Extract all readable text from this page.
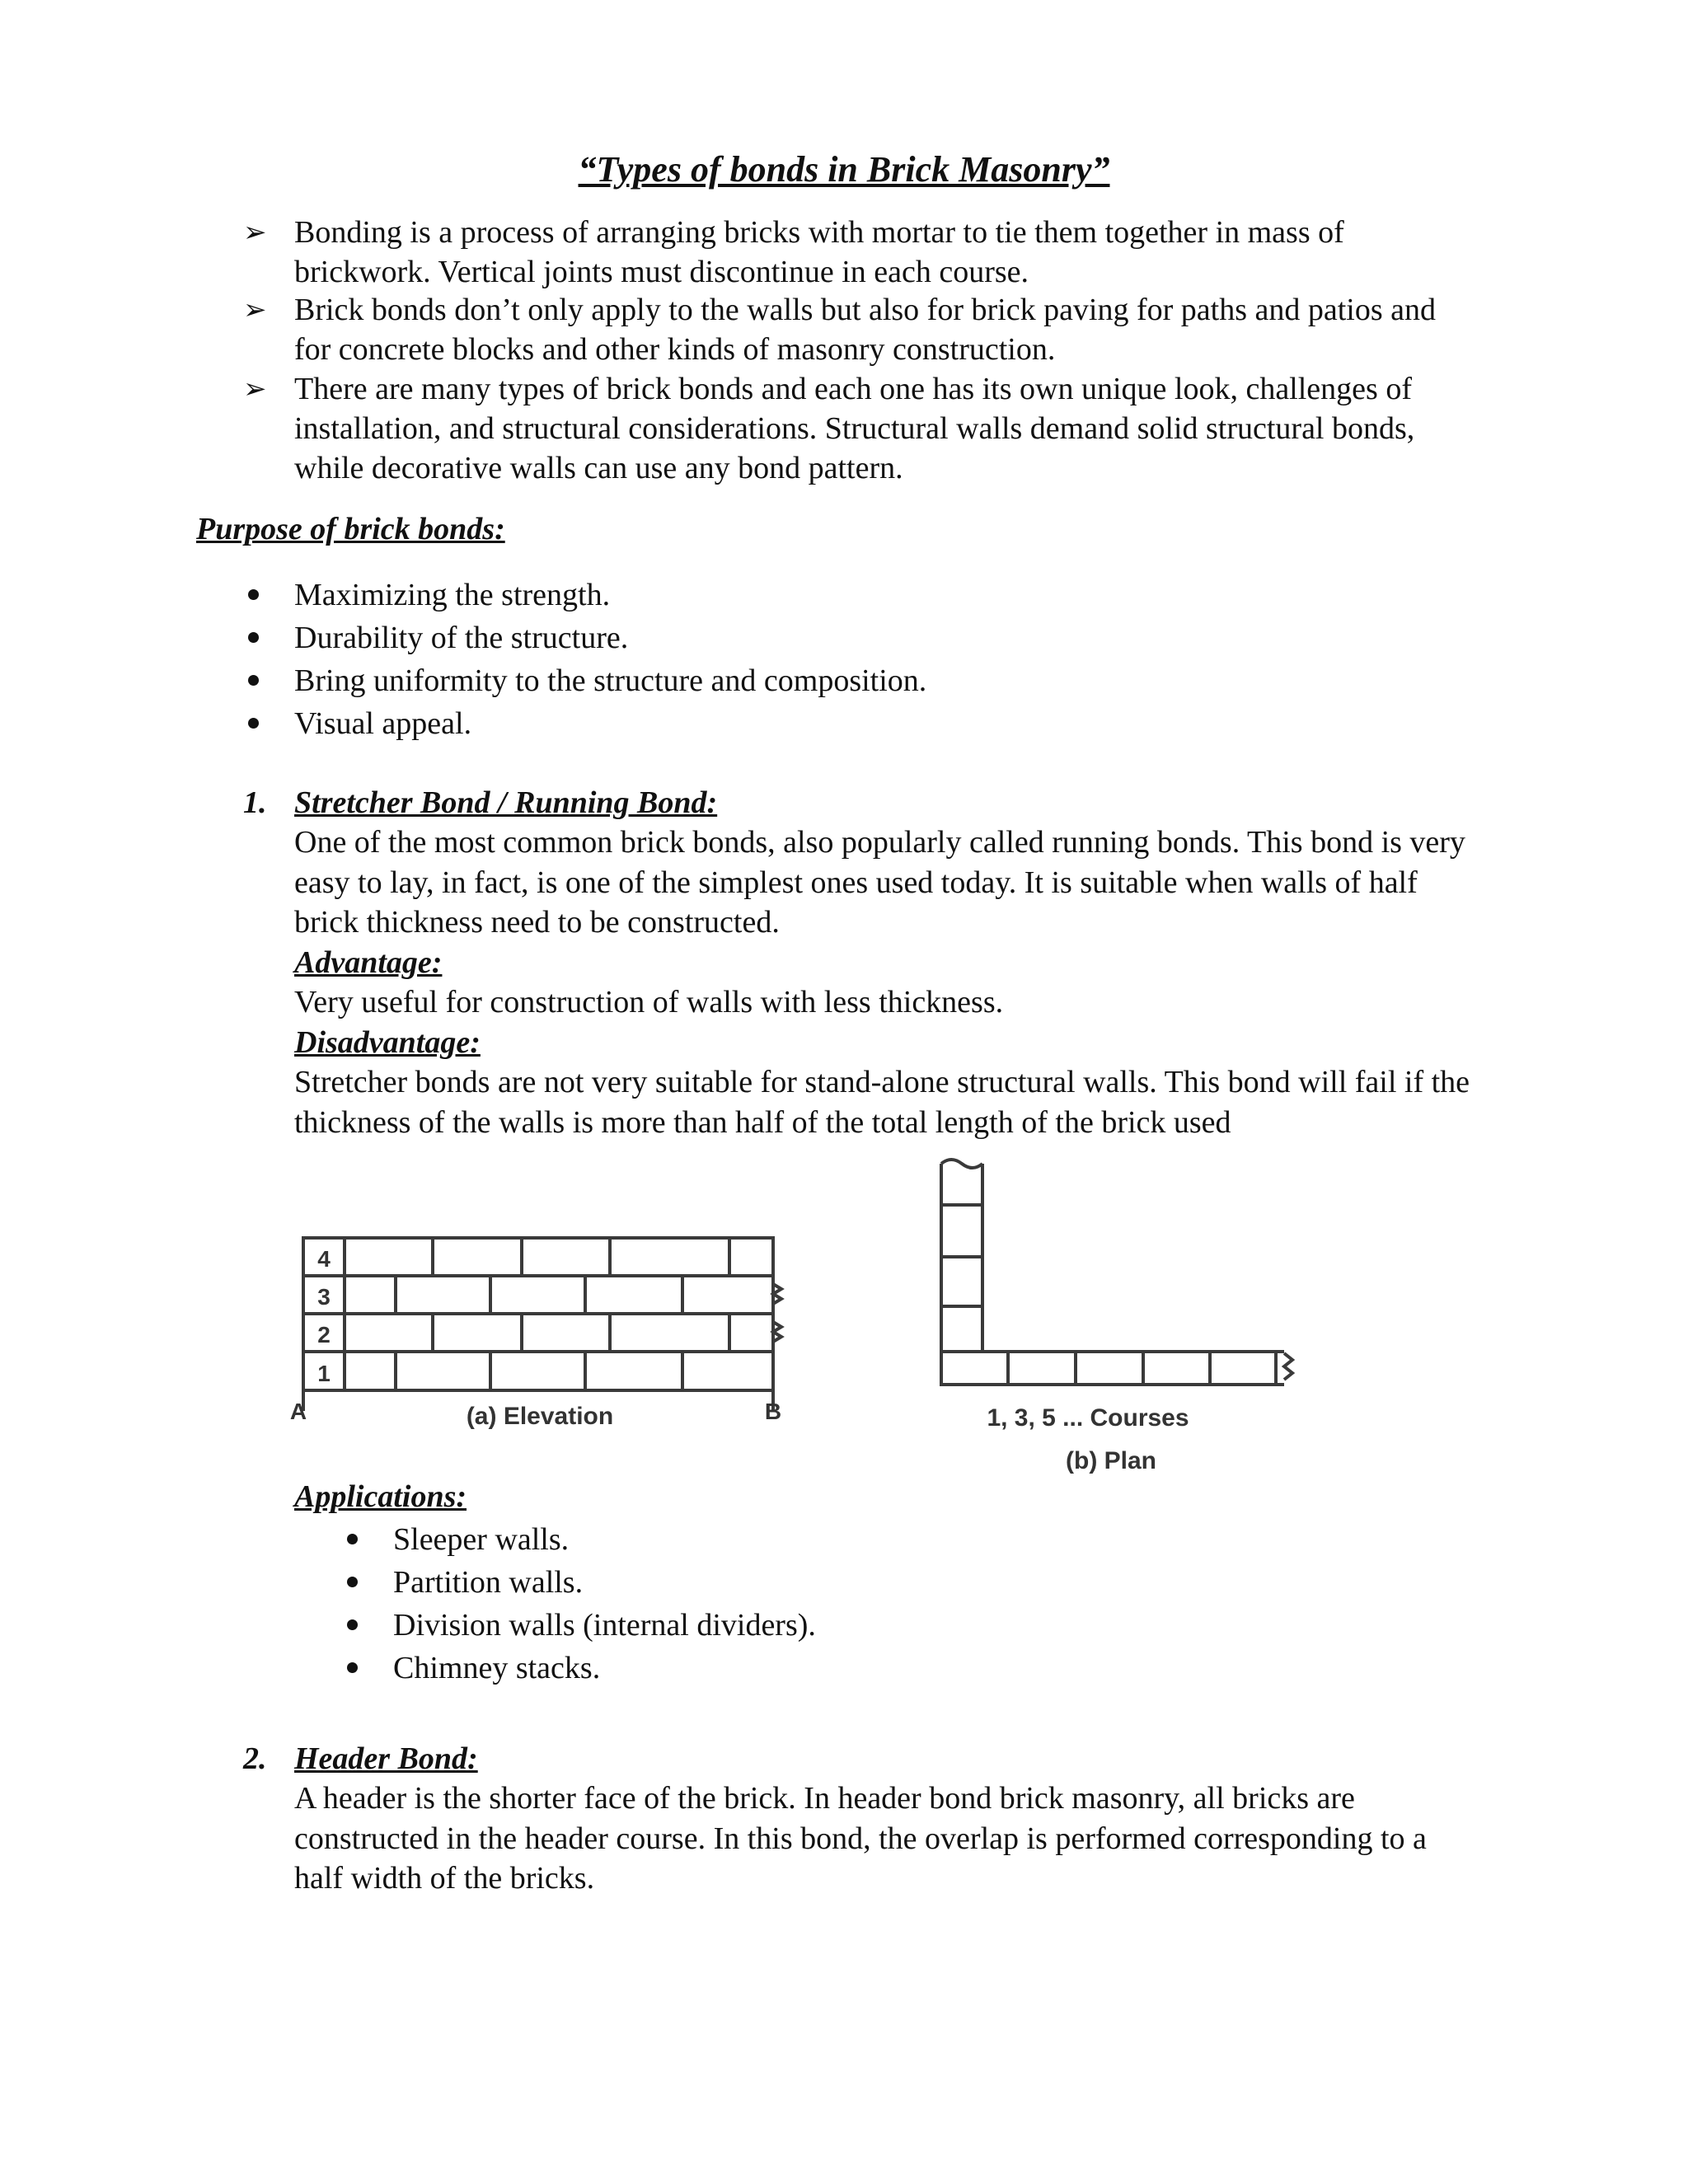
“Types of bonds in Brick Masonry”
➢ Bonding is a process of arranging bricks with mortar to tie them together in mass of brickwork. Vertical joints must discontinue in each course.
➢ Brick bonds don’t only apply to the walls but also for brick paving for paths and patios and for concrete blocks and other kinds of masonry construction.
➢ There are many types of brick bonds and each one has its own unique look, challenges of installation, and structural considerations. Structural walls demand solid structural bonds, while decorative walls can use any bond pattern.
Purpose of brick bonds:
Maximizing the strength.
Durability of the structure.
Bring uniformity to the structure and composition.
Visual appeal.
1. Stretcher Bond / Running Bond:
One of the most common brick bonds, also popularly called running bonds. This bond is very easy to lay, in fact, is one of the simplest ones used today. It is suitable when walls of half brick thickness need to be constructed.
Advantage:
Very useful for construction of walls with less thickness.
Disadvantage:
Stretcher bonds are not very suitable for stand-alone structural walls. This bond will fail if the thickness of the walls is more than half of the total length of the brick used
4
3
2
1
A	B
(a) Elevation	1, 3, 5 ... Courses
(b) Plan
Applications:
Sleeper walls.
Partition walls.
Division walls (internal dividers).
Chimney stacks.
2. Header Bond:
A header is the shorter face of the brick. In header bond brick masonry, all bricks are constructed in the header course. In this bond, the overlap is performed corresponding to a half width of the bricks.
